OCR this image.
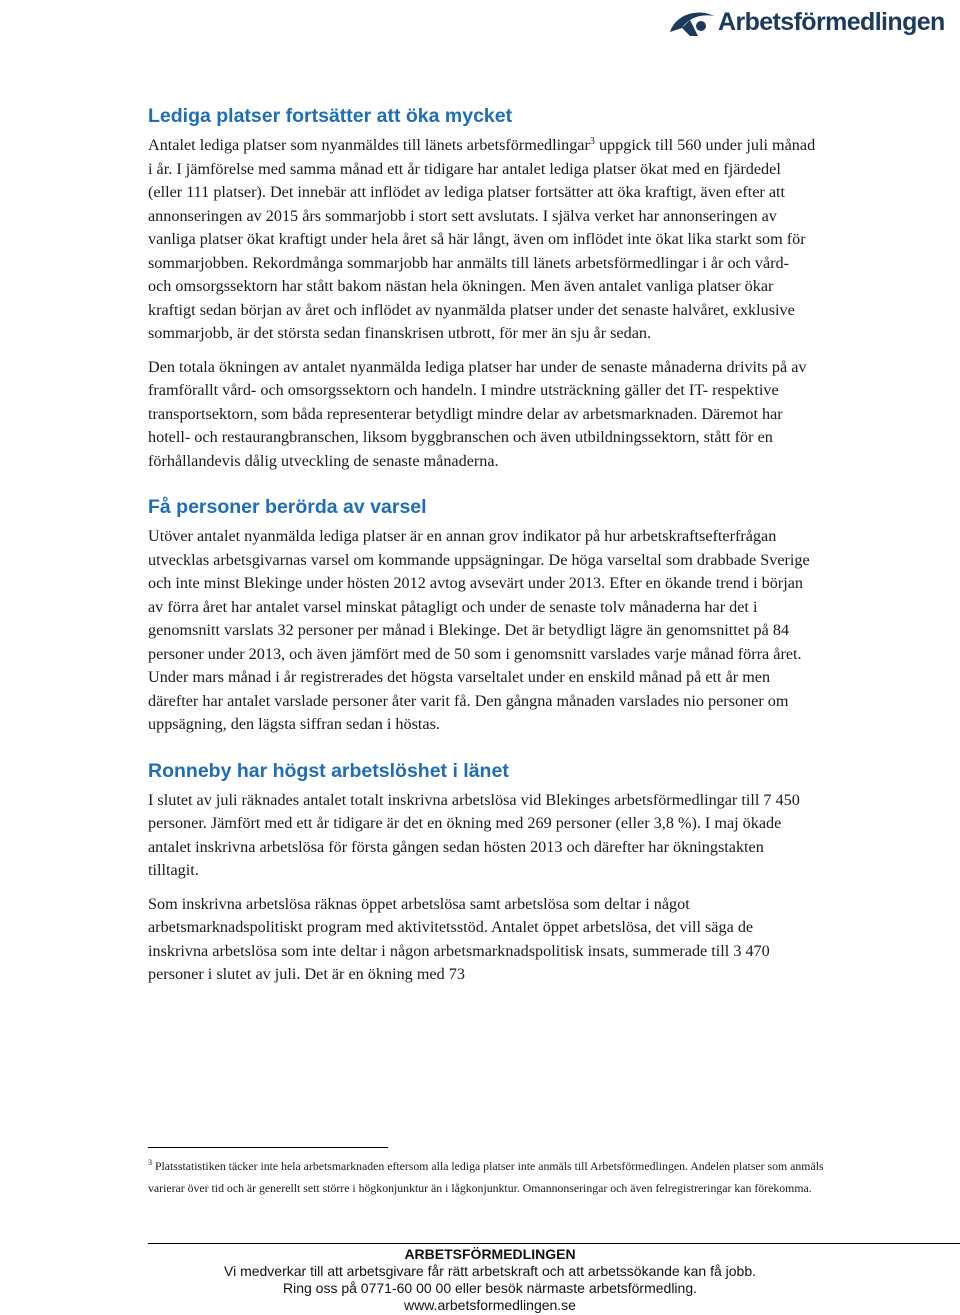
Arbetsförmedlingen
Lediga platser fortsätter att öka mycket

Antalet lediga platser som nyanmäldes till länets arbetsförmedlingar$^3$ uppgick till 560 under juli månad i år. I jämförelse med samma månad ett år tidigare har antalet lediga platser ökat med en fjärdedel (eller 111 platser). Det innebär att inflödet av lediga platser fortsätter att öka kraftigt, även efter att annonseringen av 2015 års sommarjobb i stort sett avslutats. I själva verket har annonseringen av vanliga platser ökat kraftigt under hela året så här långt, även om inflödet inte ökat lika starkt som för sommarjobben. Rekordmånga sommarjobb har anmälts till länets arbetsförmedlingar i år och vård- och omsorgssektorn har stått bakom nästan hela ökningen. Men även antalet vanliga platser ökar kraftigt sedan början av året och inflödet av nyanmälda platser under det senaste halvåret, exklusive sommarjobb, är det största sedan finanskrisen utbrott, för mer än sju år sedan.

Den totala ökningen av antalet nyanmälda lediga platser har under de senaste månaderna drivits på av framförallt vård- och omsorgssektorn och handeln. I mindre utsträckning gäller det IT- respektive transportsektorn, som båda representerar betydligt mindre delar av arbetsmarknaden. Däremot har hotell- och restaurangbranschen, liksom byggbranschen och även utbildningssektorn, stått för en förhållandevis dålig utveckling de senaste månaderna.

Få personer berörda av varsel

Utöver antalet nyanmälda lediga platser är en annan grov indikator på hur arbetskraftsefterfrågan utvecklas arbetsgivarnas varsel om kommande uppsägningar. De höga varseltal som drabbade Sverige och inte minst Blekinge under hösten 2012 avtog avsevärt under 2013. Efter en ökande trend i början av förra året har antalet varsel minskat påtagligt och under de senaste tolv månaderna har det i genomsnitt varslats 32 personer per månad i Blekinge. Det är betydligt lägre än genomsnittet på 84 personer under 2013, och även jämfört med de 50 som i genomsnitt varslades varje månad förra året. Under mars månad i år registrerades det högsta varseltalet under en enskild månad på ett år men därefter har antalet varslade personer åter varit få. Den gångna månaden varslades nio personer om uppsägning, den lägsta siffran sedan i höstas.

Ronneby har högst arbetslöshet i länet

I slutet av juli räknades antalet totalt inskrivna arbetslösa vid Blekinges arbetsförmedlingar till 7 450 personer. Jämfört med ett år tidigare är det en ökning med 269 personer (eller 3,8 %). I maj ökade antalet inskrivna arbetslösa för första gången sedan hösten 2013 och därefter har ökningstakten tilltagit.

Som inskrivna arbetslösa räknas öppet arbetslösa samt arbetslösa som deltar i något arbetsmarknadspolitiskt program med aktivitetsstöd. Antalet öppet arbetslösa, det vill säga de inskrivna arbetslösa som inte deltar i någon arbetsmarknadspolitisk insats, summerade till 3 470 personer i slutet av juli. Det är en ökning med 73

$^3$ Platsstatistiken täcker inte hela arbetsmarknaden eftersom alla lediga platser inte anmäls till Arbetsförmedlingen. Andelen platser som anmäls varierar över tid och är generellt sett större i högkonjunktur än i lågkonjunktur. Omannonseringar och även felregistreringar kan förekomma.
ARBETSFÖRMEDLINGEN
Vi medverkar till att arbetsgivare får rätt arbetskraft och att arbetssökande kan få jobb.
Ring oss på 0771-60 00 00 eller besök närmaste arbetsförmedling.
www.arbetsformedlingen.se
